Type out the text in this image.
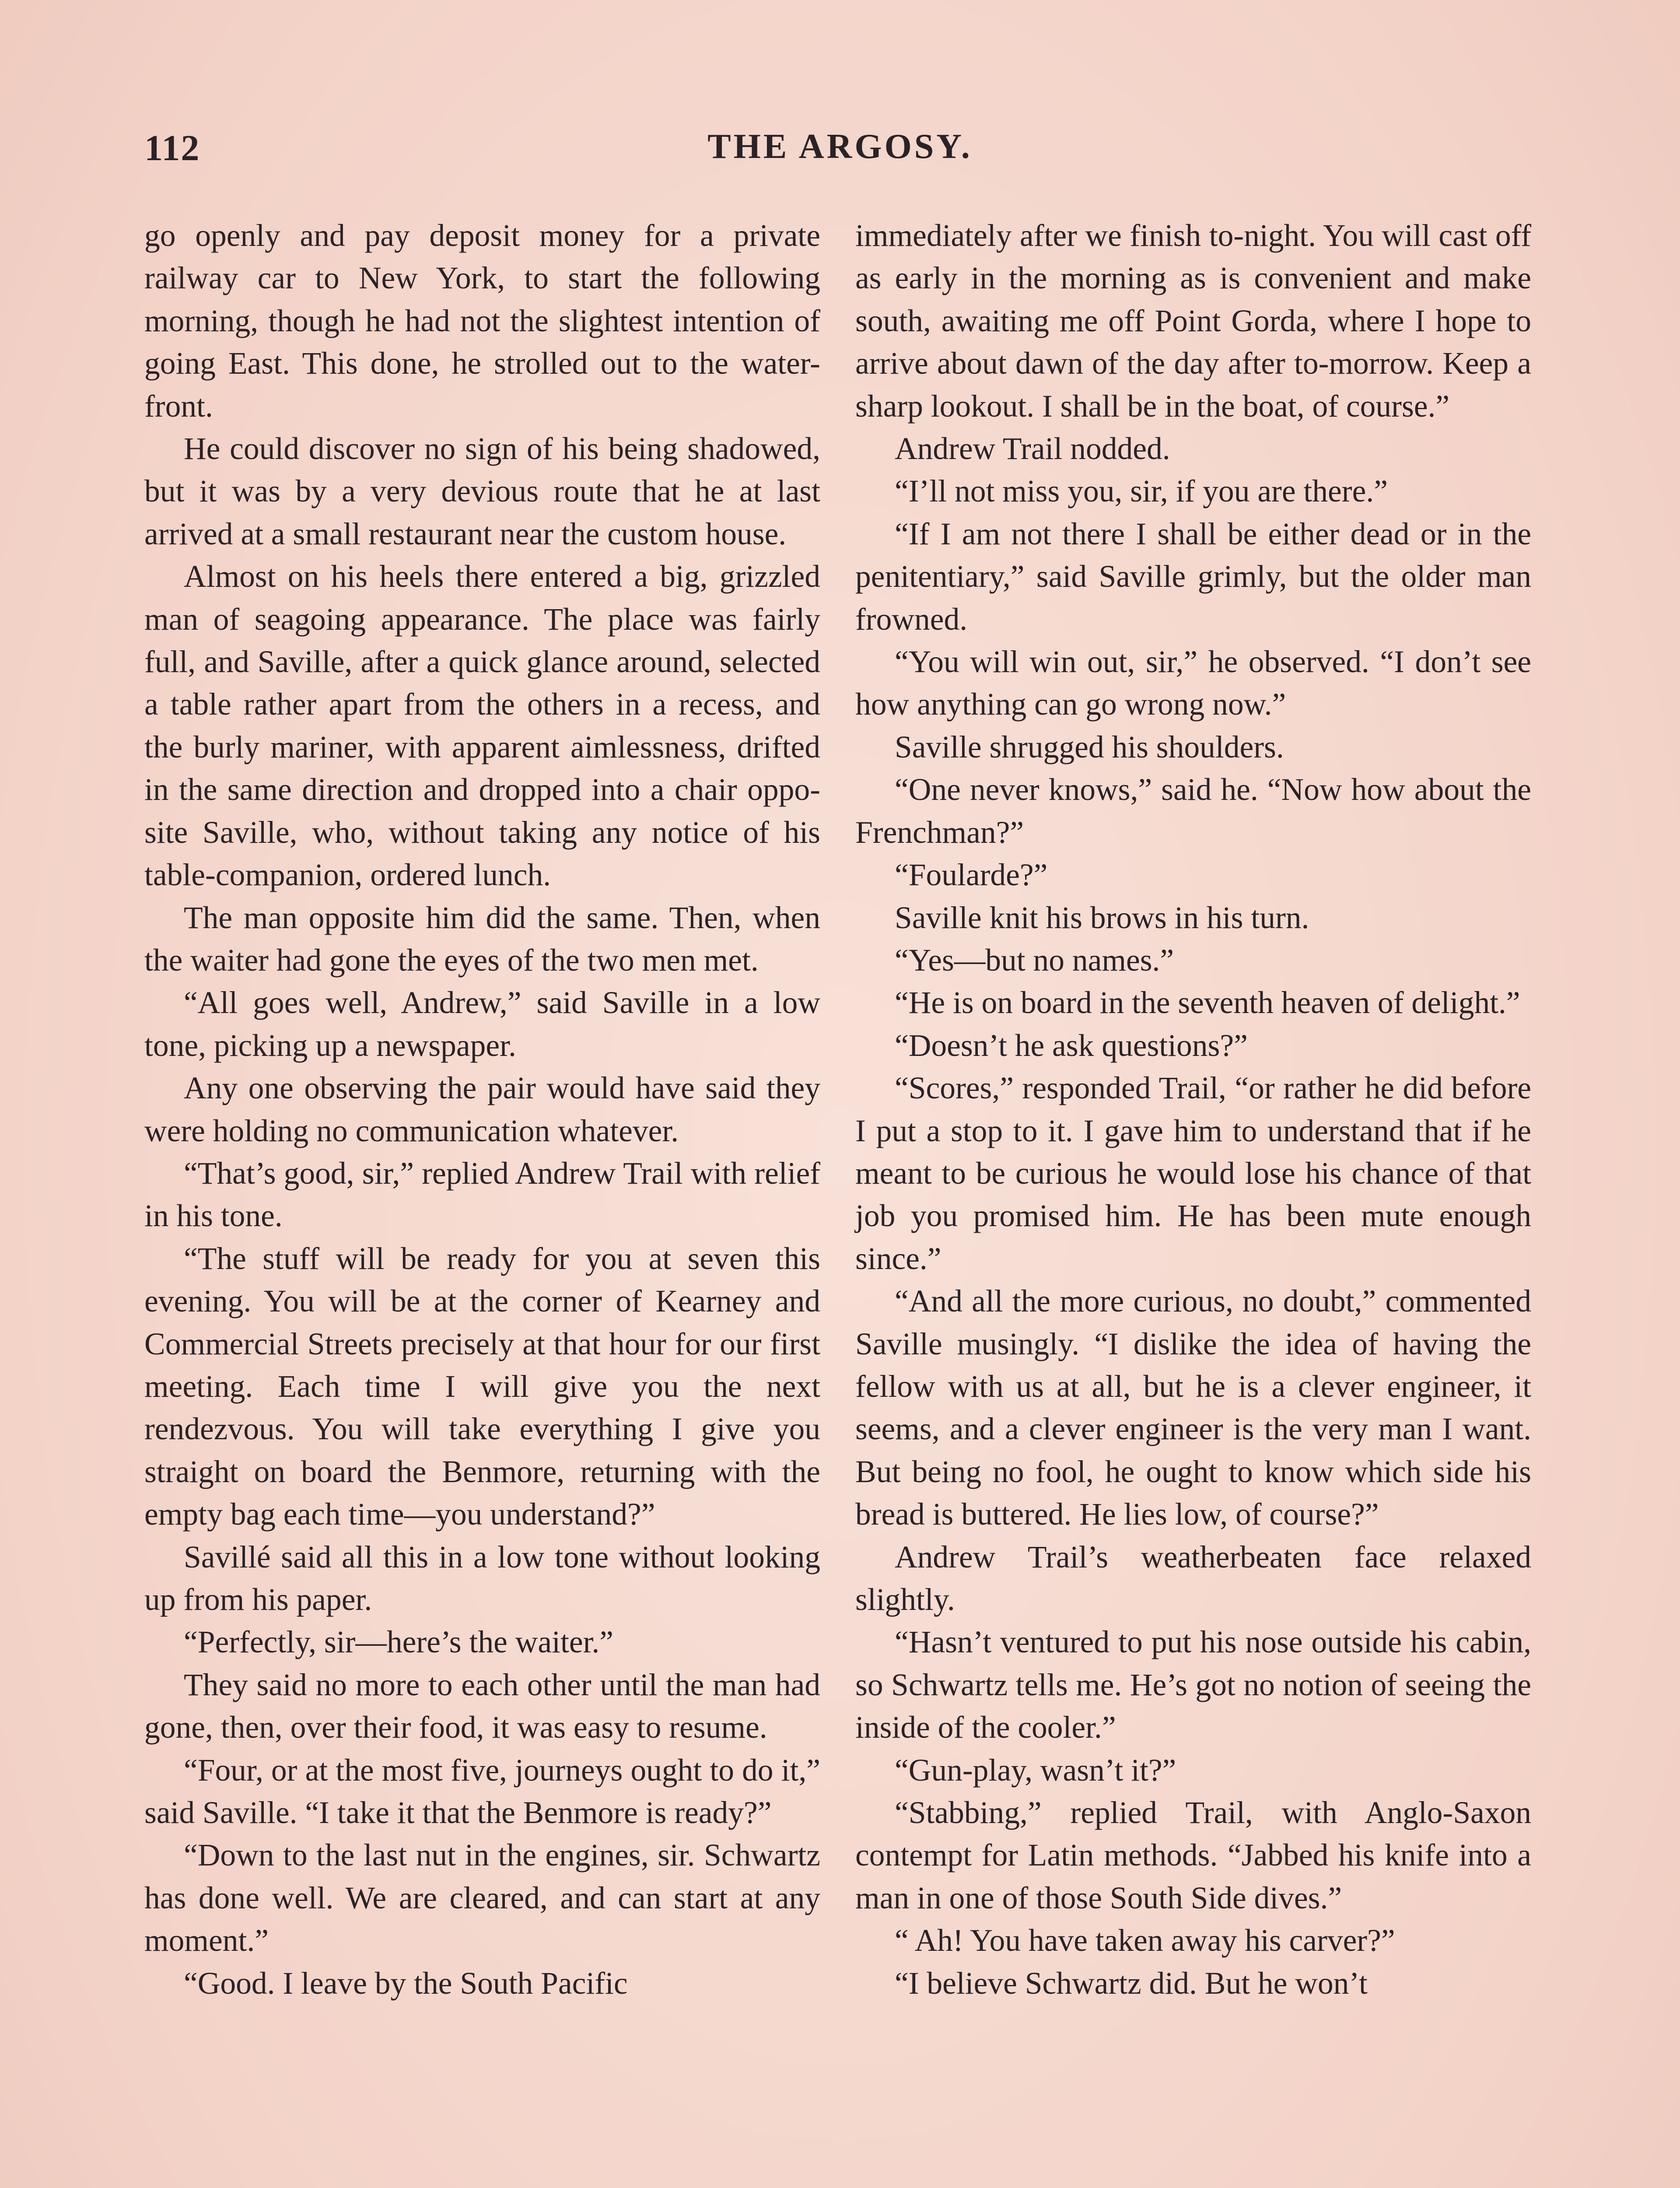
112	THE ARGOSY.

go openly and pay deposit money for a private railway car to New York, to start the following morning, though he had not the slightest intention of going East. This done, he strolled out to the water-front.

He could discover no sign of his being shadowed, but it was by a very devious route that he at last arrived at a small restaurant near the custom house.

Almost on his heels there entered a big, grizzled man of seagoing appearance. The place was fairly full, and Saville, after a quick glance around, selected a table rather apart from the others in a recess, and the burly mariner, with apparent aimlessness, drifted in the same direction and dropped into a chair opposite Saville, who, without taking any notice of his table-companion, ordered lunch.

The man opposite him did the same. Then, when the waiter had gone the eyes of the two men met.

“All goes well, Andrew,” said Saville in a low tone, picking up a newspaper.

Any one observing the pair would have said they were holding no communication whatever.

“That’s good, sir,” replied Andrew Trail with relief in his tone.

“The stuff will be ready for you at seven this evening. You will be at the corner of Kearney and Commercial Streets precisely at that hour for our first meeting. Each time I will give you the next rendezvous. You will take everything I give you straight on board the Benmore, returning with the empty bag each time—you understand?”

Savillé said all this in a low tone without looking up from his paper.

“Perfectly, sir—here’s the waiter.”

They said no more to each other until the man had gone, then, over their food, it was easy to resume.

“Four, or at the most five, journeys ought to do it,” said Saville. “I take it that the Benmore is ready?”

“Down to the last nut in the engines, sir. Schwartz has done well. We are cleared, and can start at any moment.”

“Good. I leave by the South Pacific

immediately after we finish to-night. You will cast off as early in the morning as is convenient and make south, awaiting me off Point Gorda, where I hope to arrive about dawn of the day after to-morrow. Keep a sharp lookout. I shall be in the boat, of course.”

Andrew Trail nodded.

“I’ll not miss you, sir, if you are there.”

“If I am not there I shall be either dead or in the penitentiary,” said Saville grimly, but the older man frowned.

“You will win out, sir,” he observed. “I don’t see how anything can go wrong now.”

Saville shrugged his shoulders.

“One never knows,” said he. “Now how about the Frenchman?”

“Foularde?”

Saville knit his brows in his turn.

“Yes—but no names.”

“He is on board in the seventh heaven of delight.”

“Doesn’t he ask questions?”

“Scores,” responded Trail, “or rather he did before I put a stop to it. I gave him to understand that if he meant to be curious he would lose his chance of that job you promised him. He has been mute enough since.”

“And all the more curious, no doubt,” commented Saville musingly. “I dislike the idea of having the fellow with us at all, but he is a clever engineer, it seems, and a clever engineer is the very man I want. But being no fool, he ought to know which side his bread is buttered. He lies low, of course?”

Andrew Trail’s weatherbeaten face relaxed slightly.

“Hasn’t ventured to put his nose outside his cabin, so Schwartz tells me. He’s got no notion of seeing the inside of the cooler.”

“Gun-play, wasn’t it?”

“Stabbing,” replied Trail, with Anglo-Saxon contempt for Latin methods. “Jabbed his knife into a man in one of those South Side dives.”

“ Ah! You have taken away his carver?”

“I believe Schwartz did. But he won’t
